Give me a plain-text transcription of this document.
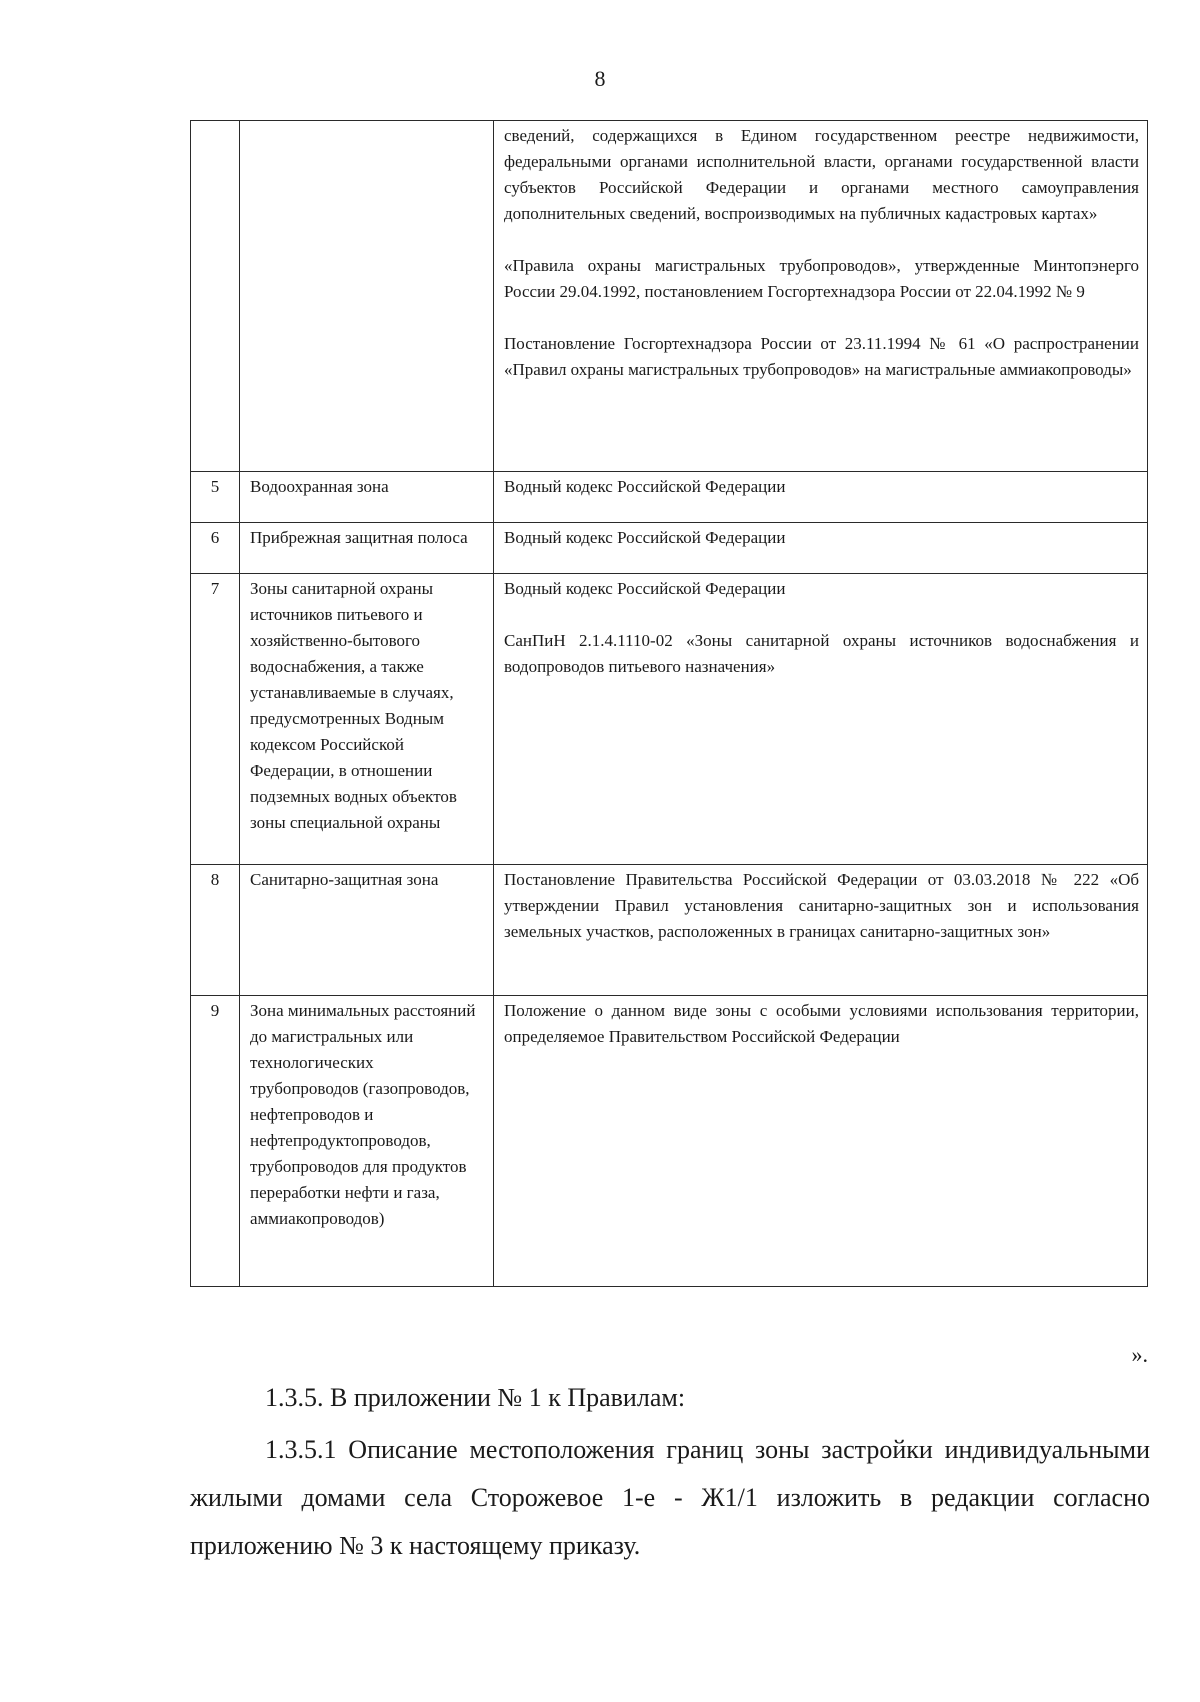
8

		сведений, содержащихся в Едином государственном реестре недвижимости, федеральными органами исполнительной власти, органами государственной власти субъектов Российской Федерации и органами местного самоуправления дополнительных сведений, воспроизводимых на публичных кадастровых картах»

«Правила охраны магистральных трубопроводов», утвержденные Минтопэнерго России 29.04.1992, постановлением Госгортехнадзора России от 22.04.1992 № 9

Постановление Госгортехнадзора России от 23.11.1994 № 61 «О распространении «Правил охраны магистральных трубопроводов» на магистральные аммиакопроводы»

5	Водоохранная зона	Водный кодекс Российской Федерации

6	Прибрежная защитная полоса	Водный кодекс Российской Федерации

7	Зоны санитарной охраны источников питьевого и хозяйственно-бытового водоснабжения, а также устанавливаемые в случаях, предусмотренных Водным кодексом Российской Федерации, в отношении подземных водных объектов зоны специальной охраны	Водный кодекс Российской Федерации

СанПиН 2.1.4.1110-02 «Зоны санитарной охраны источников водоснабжения и водопроводов питьевого назначения»

8	Санитарно-защитная зона	Постановление Правительства Российской Федерации от 03.03.2018 № 222 «Об утверждении Правил установления санитарно-защитных зон и использования земельных участков, расположенных в границах санитарно-защитных зон»

9	Зона минимальных расстояний до магистральных или технологических трубопроводов (газопроводов, нефтепроводов и нефтепродуктопроводов, трубопроводов для продуктов переработки нефти и газа, аммиакопроводов)	Положение о данном виде зоны с особыми условиями использования территории, определяемое Правительством Российской Федерации

».

1.3.5. В приложении № 1 к Правилам:

1.3.5.1 Описание местоположения границ зоны застройки индивидуальными жилыми домами села Сторожевое 1-е - Ж1/1 изложить в редакции согласно приложению № 3 к настоящему приказу.
